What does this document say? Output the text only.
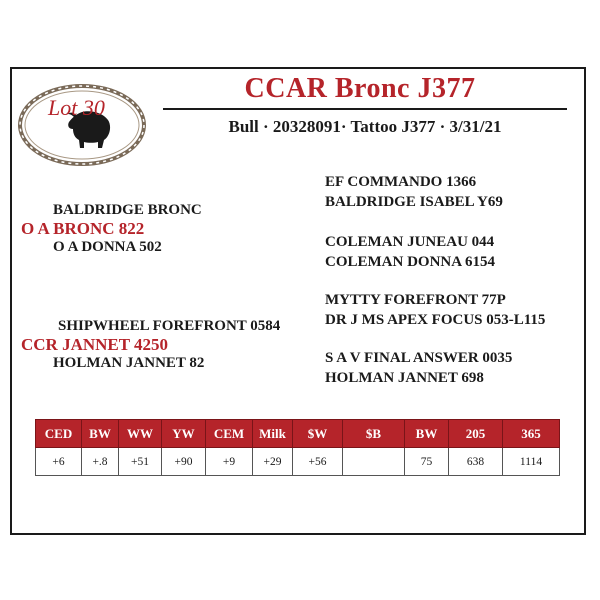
Lot 30
CCAR Bronc J377
Bull · 20328091· Tattoo J377 · 3/31/21
BALDRIDGE BRONC
O A BRONC 822
O A DONNA 502
EF COMMANDO 1366
BALDRIDGE ISABEL Y69
COLEMAN JUNEAU 044
COLEMAN DONNA 6154
SHIPWHEEL FOREFRONT 0584
CCR JANNET 4250
HOLMAN JANNET 82
MYTTY FOREFRONT 77P
DR J MS APEX FOCUS 053-L115
S A V FINAL ANSWER 0035
HOLMAN JANNET 698
CED	BW	WW	YW	CEM	Milk	$W	$B	BW	205	365
+6	+.8	+51	+90	+9	+29	+56		75	638	1114
